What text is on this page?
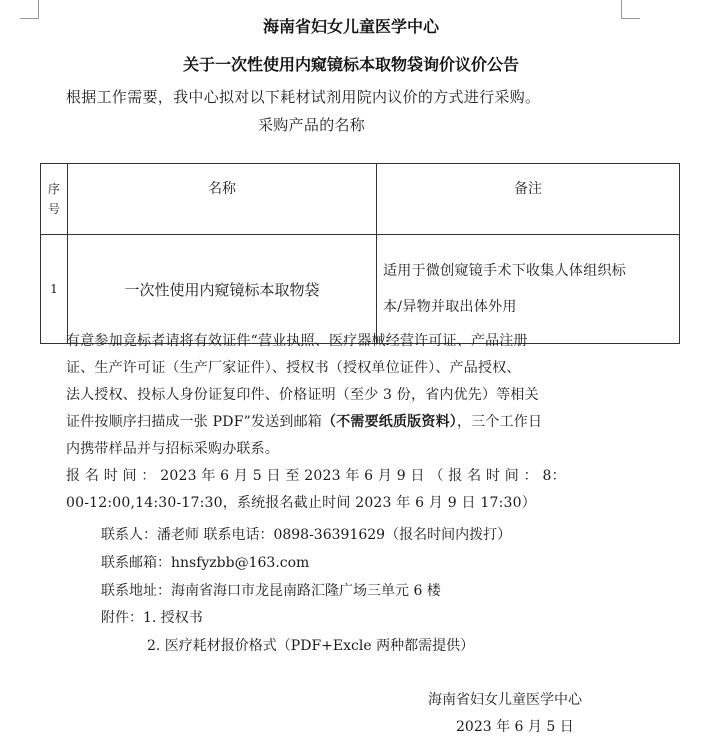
海南省妇女儿童医学中心
关于一次性使用内窥镜标本取物袋询价议价公告
根据工作需要，我中心拟对以下耗材试剂用院内议价的方式进行采购。
采购产品的名称
序号	名称	备注
1	一次性使用内窥镜标本取物袋	适用于微创窥镜手术下收集人体组织标
本/异物并取出体外用
有意参加竞标者请将有效证件“营业执照、医疗器械经营许可证、产品注册
证、生产许可证（生产厂家证件）、授权书（授权单位证件）、产品授权、
法人授权、投标人身份证复印件、价格证明（至少 3 份，省内优先）等相关
证件按顺序扫描成一张 PDF”发送到邮箱（不需要纸质版资料），三个工作日
内携带样品并与招标采购办联系。
报 名 时 间 ： 2023 年 6 月 5 日 至 2023 年 6 月 9 日 （ 报 名 时 间 ： 8：
00-12:00,14:30-17:30，系统报名截止时间 2023 年 6 月 9 日 17:30）
联系人：潘老师 联系电话：0898-36391629（报名时间内拨打）
联系邮箱：hnsfyzbb@163.com
联系地址：海南省海口市龙昆南路汇隆广场三单元 6 楼
附件：1. 授权书
2. 医疗耗材报价格式（PDF+Excle 两种都需提供）
海南省妇女儿童医学中心
2023 年 6 月 5 日
